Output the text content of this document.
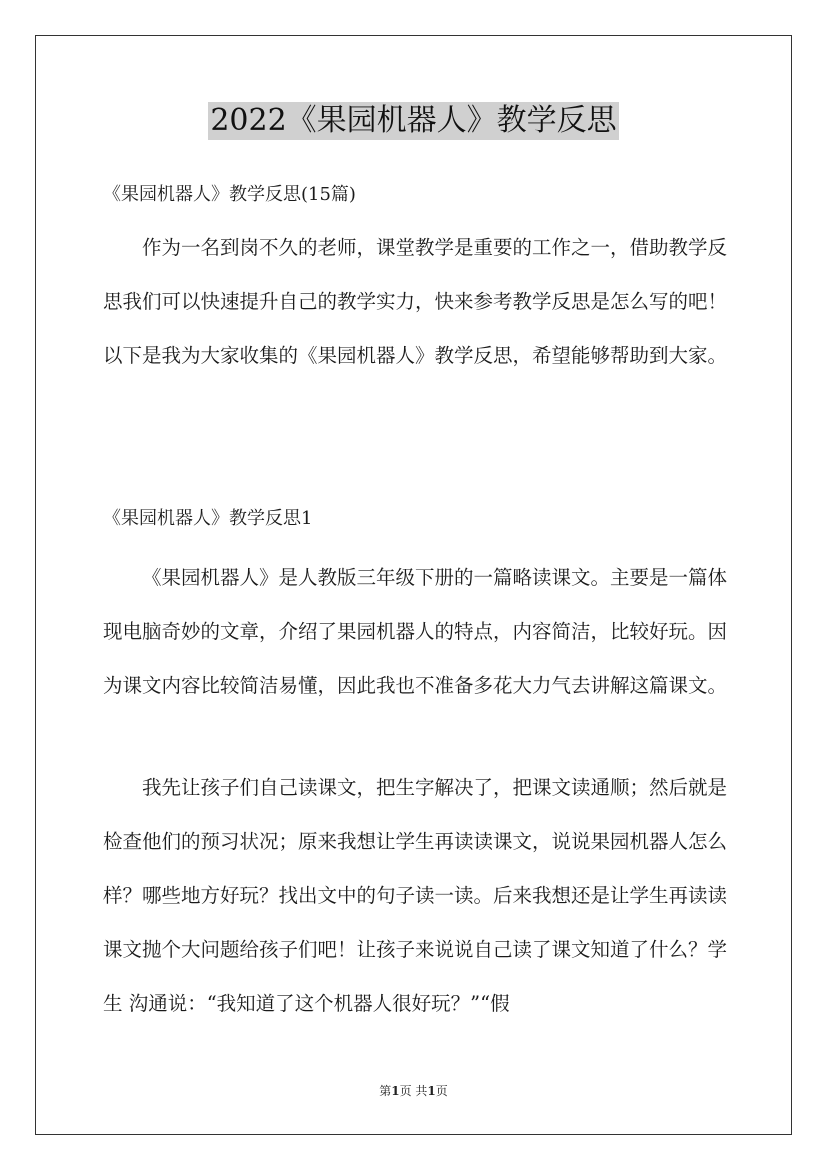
2022《果园机器人》教学反思
《果园机器人》教学反思(15篇)

作为一名到岗不久的老师，课堂教学是重要的工作之一，借助教学反思我们可以快速提升自己的教学实力，快来参考教学反思是怎么写的吧！以下是我为大家收集的《果园机器人》教学反思，希望能够帮助到大家。

《果园机器人》教学反思1

《果园机器人》是人教版三年级下册的一篇略读课文。主要是一篇体现电脑奇妙的文章，介绍了果园机器人的特点，内容简洁，比较好玩。因为课文内容比较简洁易懂，因此我也不准备多花大力气去讲解这篇课文。

我先让孩子们自己读课文，把生字解决了，把课文读通顺；然后就是检查他们的预习状况；原来我想让学生再读读课文，说说果园机器人怎么样？哪些地方好玩？找出文中的句子读一读。后来我想还是让学生再读读课文抛个大问题给孩子们吧！让孩子来说说自己读了课文知道了什么？学生 沟通说：“我知道了这个机器人很好玩？”“假

第1页 共1页
